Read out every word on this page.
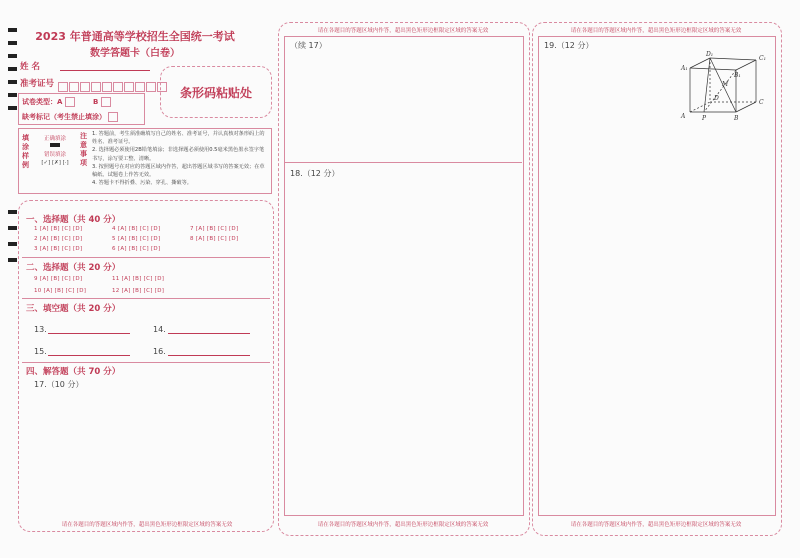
2023 年普通高等学校招生全国统一考试
数学答题卡（白卷）
姓 名
准考证号
试卷类型：A	B
缺考标记（考生禁止填涂）
条形码粘贴处
填涂样例
正确填涂
错误填涂
[✓] [✗] [·]
注意事项
1. 答题前，考生须准确填写自己的姓名、准考证号，并认真核对条形码上的姓名、准考证号。
2. 选择题必须使用2B铅笔填涂；非选择题必须使用0.5毫米黑色墨水签字笔书写，涂写要工整、清晰。
3. 按照题号在对应的答题区域内作答，超出答题区域书写的答案无效；在草稿纸、试题卷上作答无效。
4. 答题卡不得折叠、污染、穿孔、撕破等。
一、选择题（共 40 分）
1 [A] [B] [C] [D]
2 [A] [B] [C] [D]
3 [A] [B] [C] [D]
4 [A] [B] [C] [D]
5 [A] [B] [C] [D]
6 [A] [B] [C] [D]
7 [A] [B] [C] [D]
8 [A] [B] [C] [D]
二、选择题（共 20 分）
9 [A] [B] [C] [D]
10 [A] [B] [C] [D]
11 [A] [B] [C] [D]
12 [A] [B] [C] [D]
三、填空题（共 20 分）
13.	14.
15.	16.
四、解答题（共 70 分）
17.（10 分）
请在各题目的答题区域内作答，超出黑色矩形边框限定区域的答案无效
请在各题目的答题区域内作答，超出黑色矩形边框限定区域的答案无效
（续 17）
18.（12 分）
请在各题目的答题区域内作答，超出黑色矩形边框限定区域的答案无效
请在各题目的答题区域内作答，超出黑色矩形边框限定区域的答案无效
19.（12 分）
D₁
C₁
A₁
B₁
M
D
C
A	P	B
请在各题目的答题区域内作答，超出黑色矩形边框限定区域的答案无效
